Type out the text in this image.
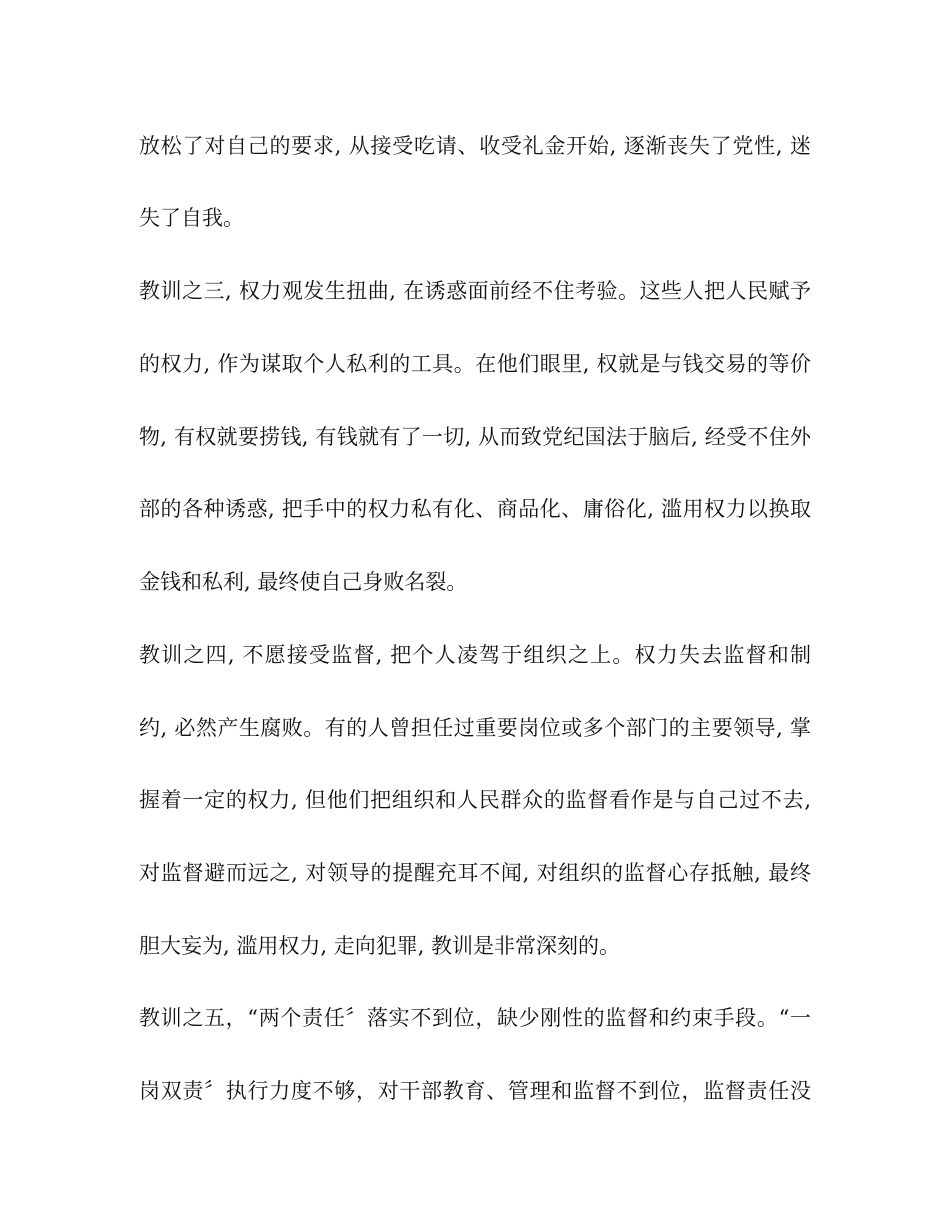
放松了对自己的要求, 从接受吃请、收受礼金开始, 逐渐丧失了党性, 迷
失了自我。
教训之三, 权力观发生扭曲, 在诱惑面前经不住考验。这些人把人民赋予
的权力, 作为谋取个人私利的工具。在他们眼里, 权就是与钱交易的等价
物, 有权就要捞钱, 有钱就有了一切, 从而致党纪国法于脑后, 经受不住外
部的各种诱惑, 把手中的权力私有化、商品化、庸俗化, 滥用权力以换取
金钱和私利, 最终使自己身败名裂。
教训之四, 不愿接受监督, 把个人凌驾于组织之上。权力失去监督和制
约, 必然产生腐败。有的人曾担任过重要岗位或多个部门的主要领导, 掌
握着一定的权力, 但他们把组织和人民群众的监督看作是与自己过不去,
对监督避而远之, 对领导的提醒充耳不闻, 对组织的监督心存抵触, 最终
胆大妄为, 滥用权力, 走向犯罪, 教训是非常深刻的。
教训之五，“两个责任〞落实不到位，缺少刚性的监督和约束手段。“一
岗双责〞执行力度不够，对干部教育、管理和监督不到位，监督责任没
